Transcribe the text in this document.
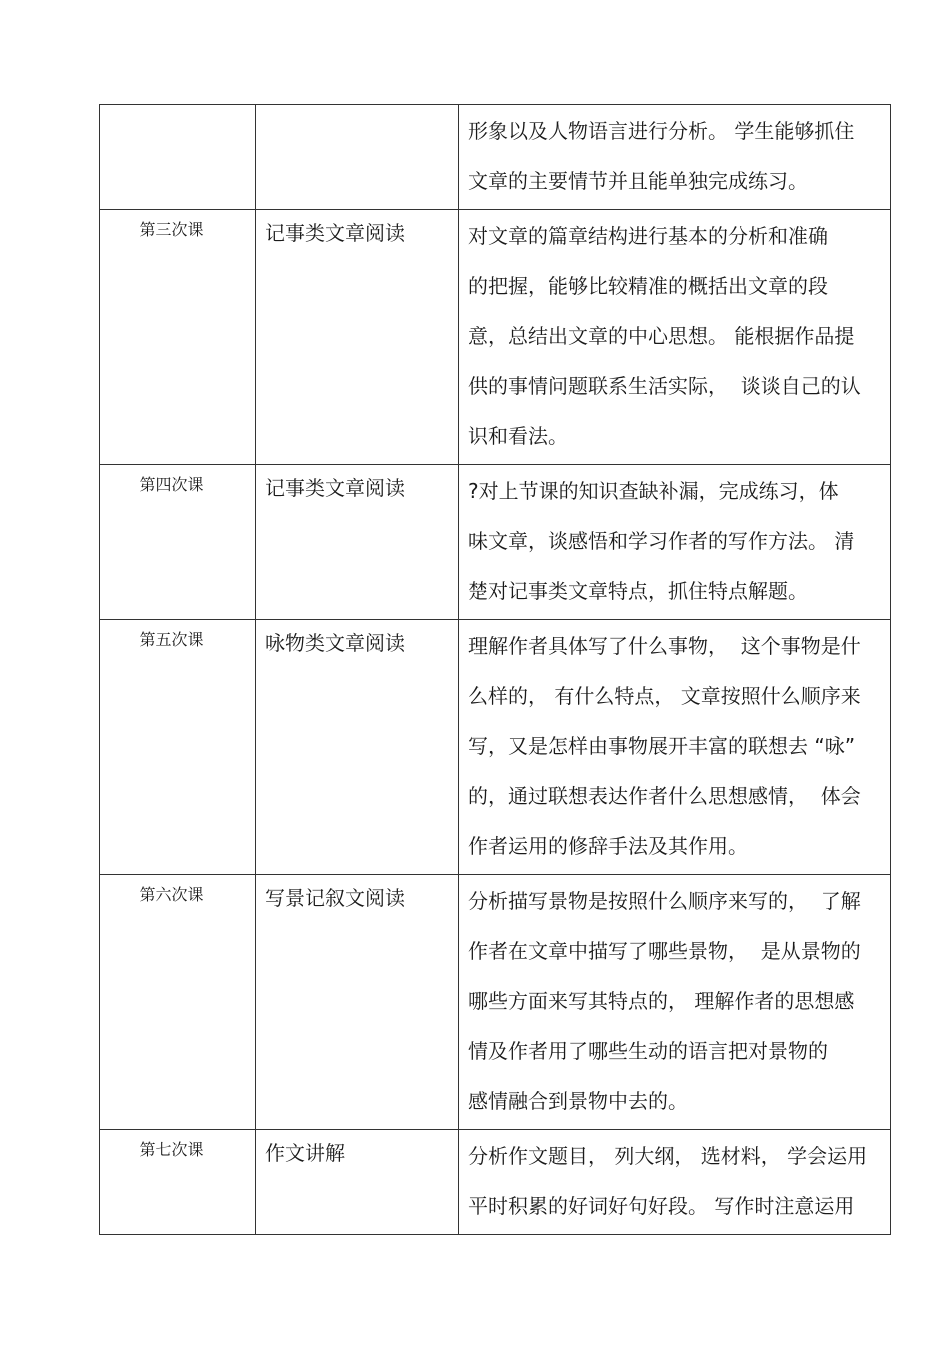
		形象以及人物语言进行分析。 学生能够抓住
文章的主要情节并且能单独完成练习。

第三次课	记事类文章阅读	对文章的篇章结构进行基本的分析和准确
的把握，能够比较精准的概括出文章的段
意，总结出文章的中心思想。 能根据作品提
供的事情问题联系生活实际，  谈谈自己的认
识和看法。

第四次课	记事类文章阅读	?对上节课的知识查缺补漏，完成练习，体
味文章，谈感悟和学习作者的写作方法。 清
楚对记事类文章特点，抓住特点解题。

第五次课	咏物类文章阅读	理解作者具体写了什么事物，  这个事物是什
么样的， 有什么特点， 文章按照什么顺序来
写，又是怎样由事物展开丰富的联想去 “咏”
的，通过联想表达作者什么思想感情，  体会
作者运用的修辞手法及其作用。

第六次课	写景记叙文阅读	分析描写景物是按照什么顺序来写的，  了解
作者在文章中描写了哪些景物，  是从景物的
哪些方面来写其特点的， 理解作者的思想感
情及作者用了哪些生动的语言把对景物的
感情融合到景物中去的。

第七次课	作文讲解	分析作文题目， 列大纲， 选材料， 学会运用
平时积累的好词好句好段。 写作时注意运用
